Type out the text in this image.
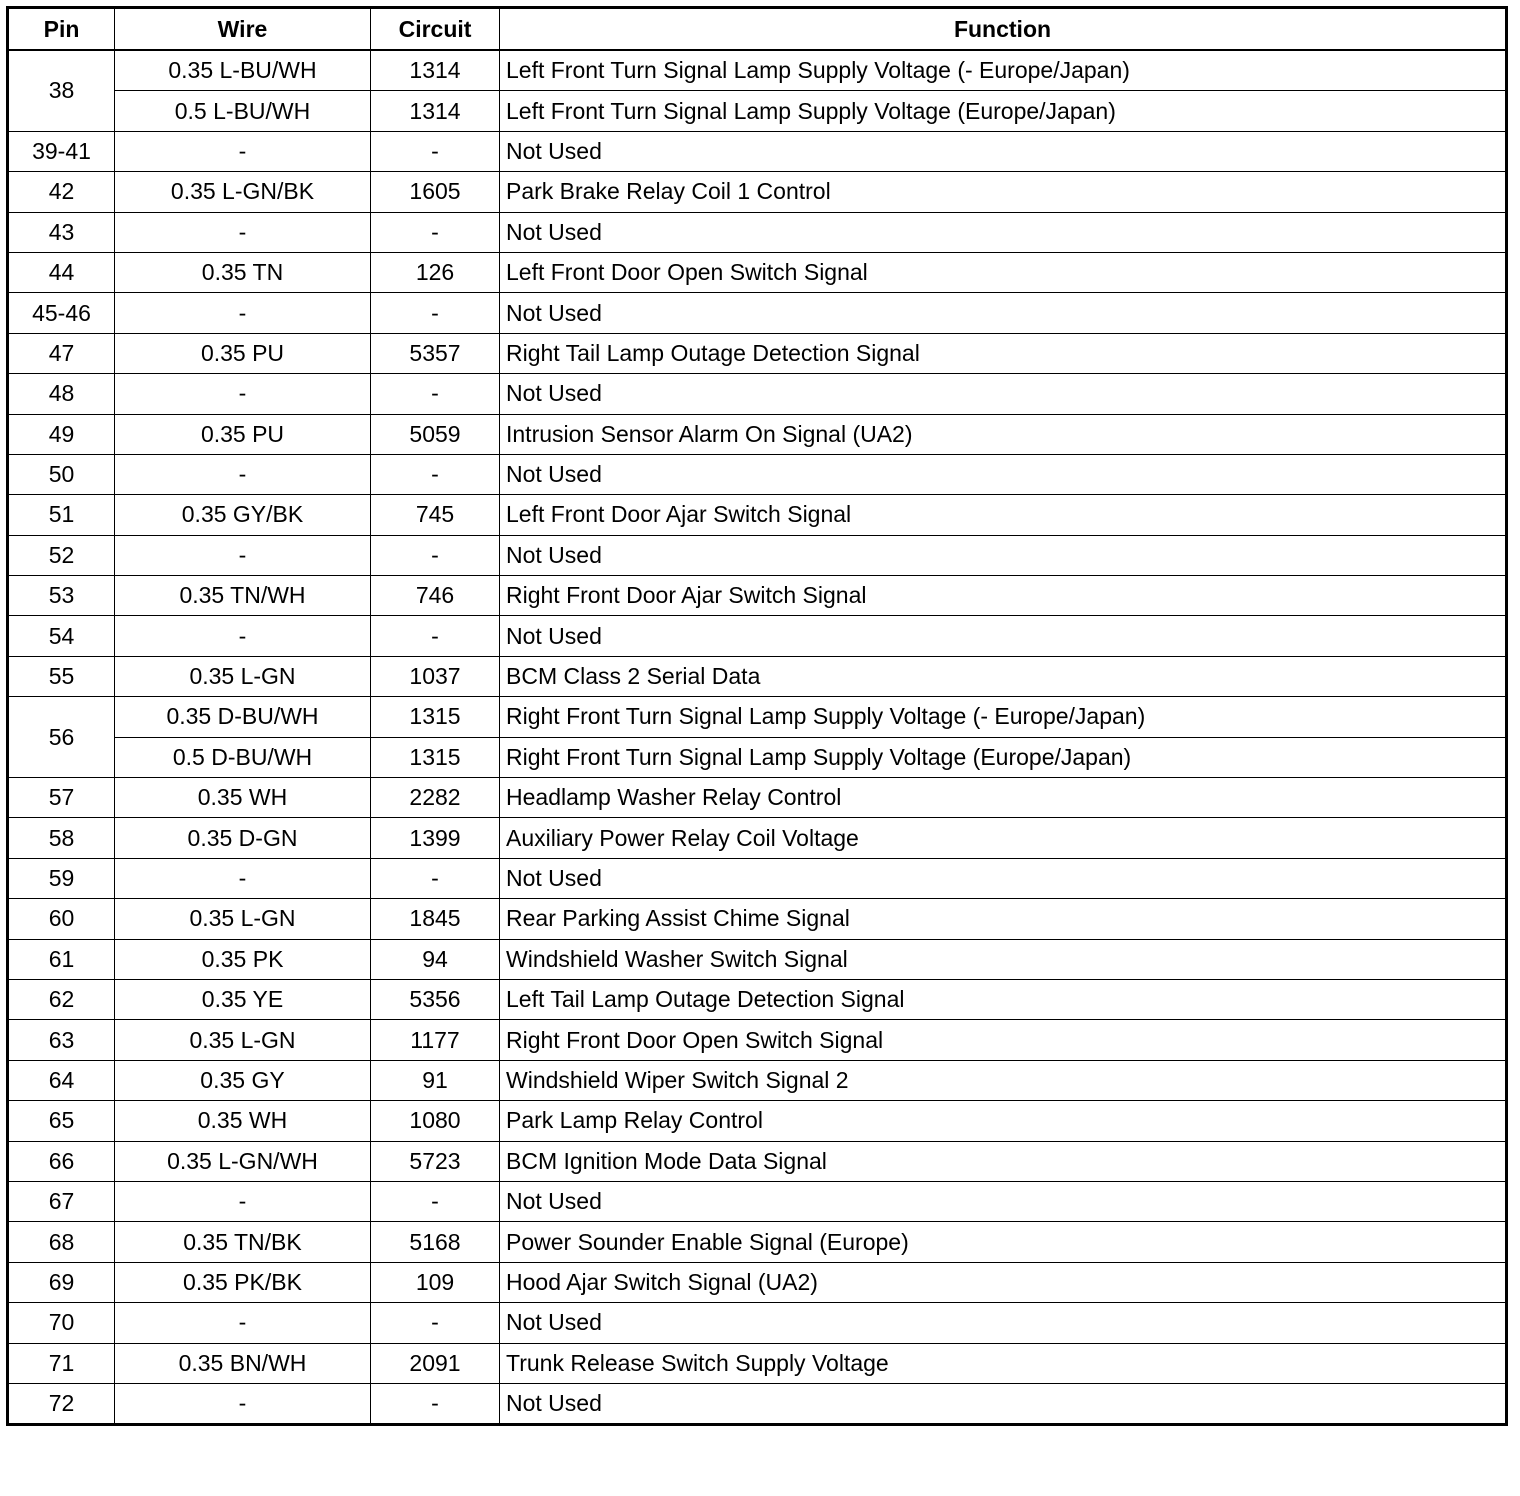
Pin	Wire	Circuit	Function
38	0.35 L-BU/WH	1314	Left Front Turn Signal Lamp Supply Voltage (- Europe/Japan)
	0.5 L-BU/WH	1314	Left Front Turn Signal Lamp Supply Voltage (Europe/Japan)
39-41	-	-	Not Used
42	0.35 L-GN/BK	1605	Park Brake Relay Coil 1 Control
43	-	-	Not Used
44	0.35 TN	126	Left Front Door Open Switch Signal
45-46	-	-	Not Used
47	0.35 PU	5357	Right Tail Lamp Outage Detection Signal
48	-	-	Not Used
49	0.35 PU	5059	Intrusion Sensor Alarm On Signal (UA2)
50	-	-	Not Used
51	0.35 GY/BK	745	Left Front Door Ajar Switch Signal
52	-	-	Not Used
53	0.35 TN/WH	746	Right Front Door Ajar Switch Signal
54	-	-	Not Used
55	0.35 L-GN	1037	BCM Class 2 Serial Data
56	0.35 D-BU/WH	1315	Right Front Turn Signal Lamp Supply Voltage (- Europe/Japan)
	0.5 D-BU/WH	1315	Right Front Turn Signal Lamp Supply Voltage (Europe/Japan)
57	0.35 WH	2282	Headlamp Washer Relay Control
58	0.35 D-GN	1399	Auxiliary Power Relay Coil Voltage
59	-	-	Not Used
60	0.35 L-GN	1845	Rear Parking Assist Chime Signal
61	0.35 PK	94	Windshield Washer Switch Signal
62	0.35 YE	5356	Left Tail Lamp Outage Detection Signal
63	0.35 L-GN	1177	Right Front Door Open Switch Signal
64	0.35 GY	91	Windshield Wiper Switch Signal 2
65	0.35 WH	1080	Park Lamp Relay Control
66	0.35 L-GN/WH	5723	BCM Ignition Mode Data Signal
67	-	-	Not Used
68	0.35 TN/BK	5168	Power Sounder Enable Signal (Europe)
69	0.35 PK/BK	109	Hood Ajar Switch Signal (UA2)
70	-	-	Not Used
71	0.35 BN/WH	2091	Trunk Release Switch Supply Voltage
72	-	-	Not Used
